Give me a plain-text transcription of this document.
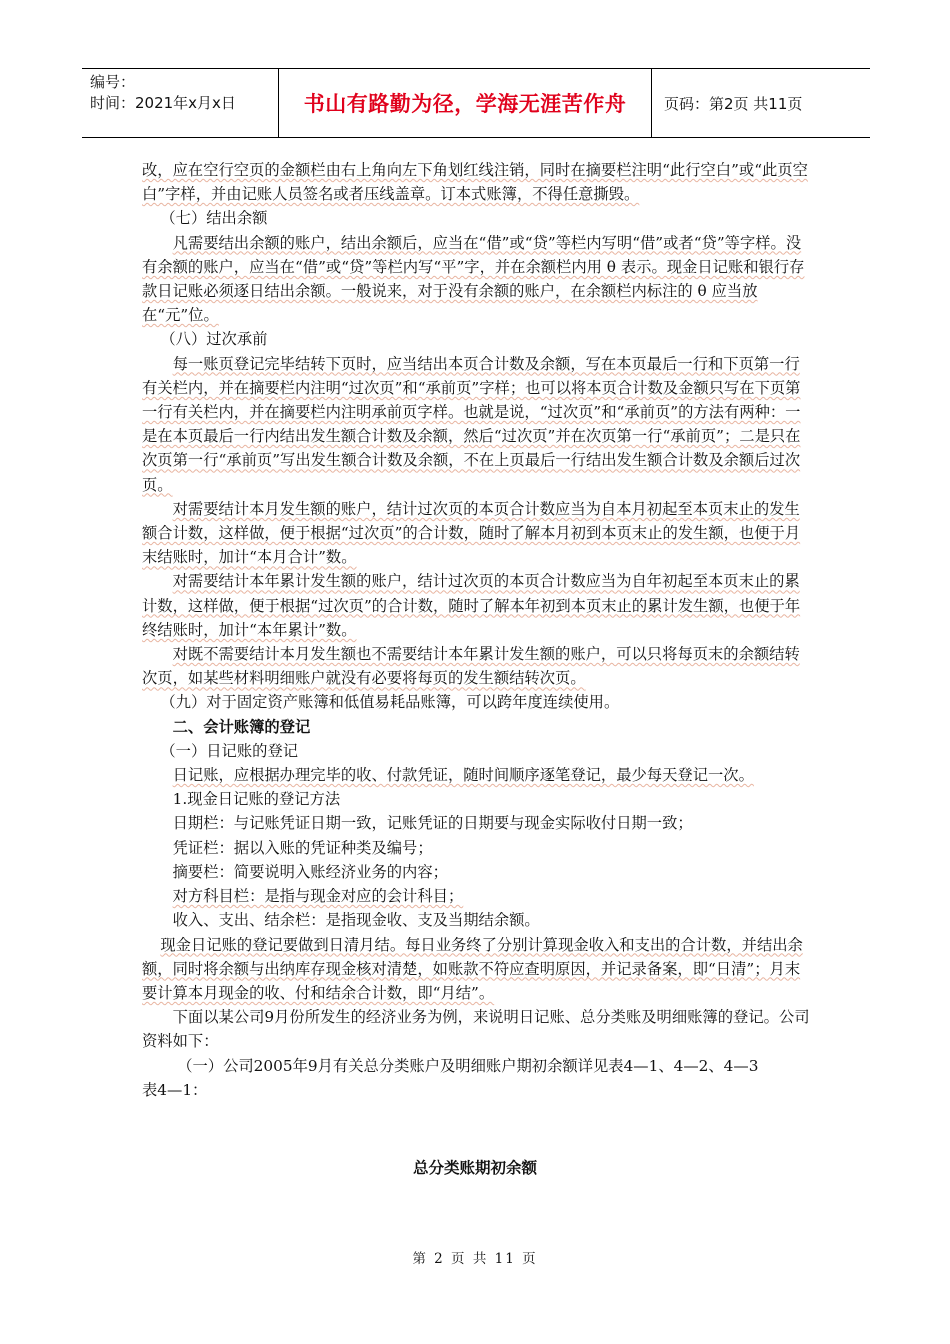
编号：
时间：2021年x月x日	书山有路勤为径，学海无涯苦作舟	页码：第2页 共11页

改，应在空行空页的金额栏由右上角向左下角划红线注销，同时在摘要栏注明“此行空白”或“此页空白”字样，并由记账人员签名或者压线盖章。订本式账簿，不得任意撕毁。

（七）结出余额

凡需要结出余额的账户，结出余额后，应当在“借”或“贷”等栏内写明“借”或者“贷”等字样。没有余额的账户，应当在“借”或“贷”等栏内写“平”字，并在余额栏内用 θ 表示。现金日记账和银行存款日记账必须逐日结出余额。一般说来，对于没有余额的账户，在余额栏内标注的 θ 应当放在“元”位。

（八）过次承前

每一账页登记完毕结转下页时，应当结出本页合计数及余额，写在本页最后一行和下页第一行有关栏内，并在摘要栏内注明“过次页”和“承前页”字样；也可以将本页合计数及金额只写在下页第一行有关栏内，并在摘要栏内注明承前页字样。也就是说，“过次页”和“承前页”的方法有两种：一是在本页最后一行内结出发生额合计数及余额，然后“过次页”并在次页第一行“承前页”；二是只在次页第一行“承前页”写出发生额合计数及余额，不在上页最后一行结出发生额合计数及余额后过次页。

对需要结计本月发生额的账户，结计过次页的本页合计数应当为自本月初起至本页末止的发生额合计数，这样做，便于根据“过次页”的合计数，随时了解本月初到本页末止的发生额，也便于月末结账时，加计“本月合计”数。

对需要结计本年累计发生额的账户，结计过次页的本页合计数应当为自年初起至本页末止的累计数，这样做，便于根据“过次页”的合计数，随时了解本年初到本页末止的累计发生额，也便于年终结账时，加计“本年累计”数。

对既不需要结计本月发生额也不需要结计本年累计发生额的账户，可以只将每页末的余额结转次页，如某些材料明细账户就没有必要将每页的发生额结转次页。

（九）对于固定资产账簿和低值易耗品账簿，可以跨年度连续使用。

二、会计账簿的登记

（一）日记账的登记

日记账，应根据办理完毕的收、付款凭证，随时间顺序逐笔登记，最少每天登记一次。

1.现金日记账的登记方法

日期栏：与记账凭证日期一致，记账凭证的日期要与现金实际收付日期一致；

凭证栏：据以入账的凭证种类及编号；

摘要栏：简要说明入账经济业务的内容；

对方科目栏：是指与现金对应的会计科目；

收入、支出、结余栏：是指现金收、支及当期结余额。

现金日记账的登记要做到日清月结。每日业务终了分别计算现金收入和支出的合计数，并结出余额，同时将余额与出纳库存现金核对清楚，如账款不符应查明原因，并记录备案，即“日清”；月末要计算本月现金的收、付和结余合计数，即“月结”。

下面以某公司9月份所发生的经济业务为例，来说明日记账、总分类账及明细账簿的登记。公司资料如下：

（一）公司2005年9月有关总分类账户及明细账户期初余额详见表4—1、4—2、4—3

表4—1：

总分类账期初余额
第 2 页 共 11 页
